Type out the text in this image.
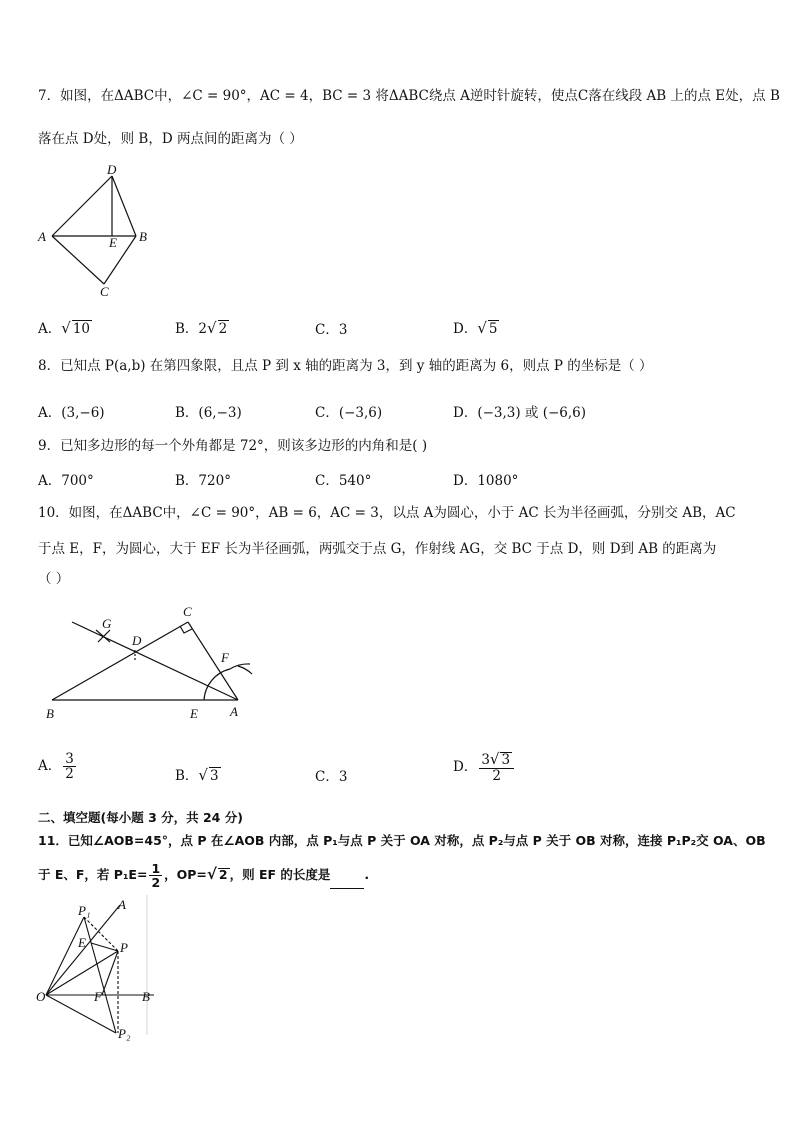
7．如图，在ΔABC中，∠C = 90°，AC = 4，BC = 3 将ΔABC绕点 A逆时针旋转，使点C落在线段 AB 上的点 E处，点 B
落在点 D处，则 B，D 两点间的距离为（ ）
D
A	E B
C
A．√ 10	B．2√ 2	C．3	D．√ 5
8．已知点 P(a,b) 在第四象限，且点 P 到 x 轴的距离为 3，到 y 轴的距离为 6，则点 P 的坐标是（ ）
A．(3,−6)	B．(6,−3)	C．(−3,6)	D．(−3,3) 或 (−6,6)
9．已知多边形的每一个外角都是 72°，则该多边形的内角和是( )
A．700°	B．720°	C．540°	D．1080°
10．如图，在ΔABC中，∠C = 90°，AB = 6，AC = 3，以点 A为圆心，小于 AC 长为半径画弧，分别交 AB，AC
于点 E，F，为圆心，大于 EF 长为半径画弧，两弧交于点 G，作射线 AG，交 BC 于点 D，则 D到 AB 的距离为
（ ）
G
C
D
F
B	E A
A． $\frac{3}{2}$	B．√ 3	C．3
D． $\frac{3√ 3}{2}$
二、填空题(每小题 3 分，共 24 分)
11．已知∠AOB=45°，点 P 在∠AOB 内部，点 P₁与点 P 关于 OA 对称，点 P₂与点 P 关于 OB 对称，连接 P₁P₂交 OA、OB
于 E、F，若 $P_1E= \frac{1}{2}$ ，OP=√ 2 ，则 EF 的长度是	.
P₁ A
E	P
O	F	B
P₂
